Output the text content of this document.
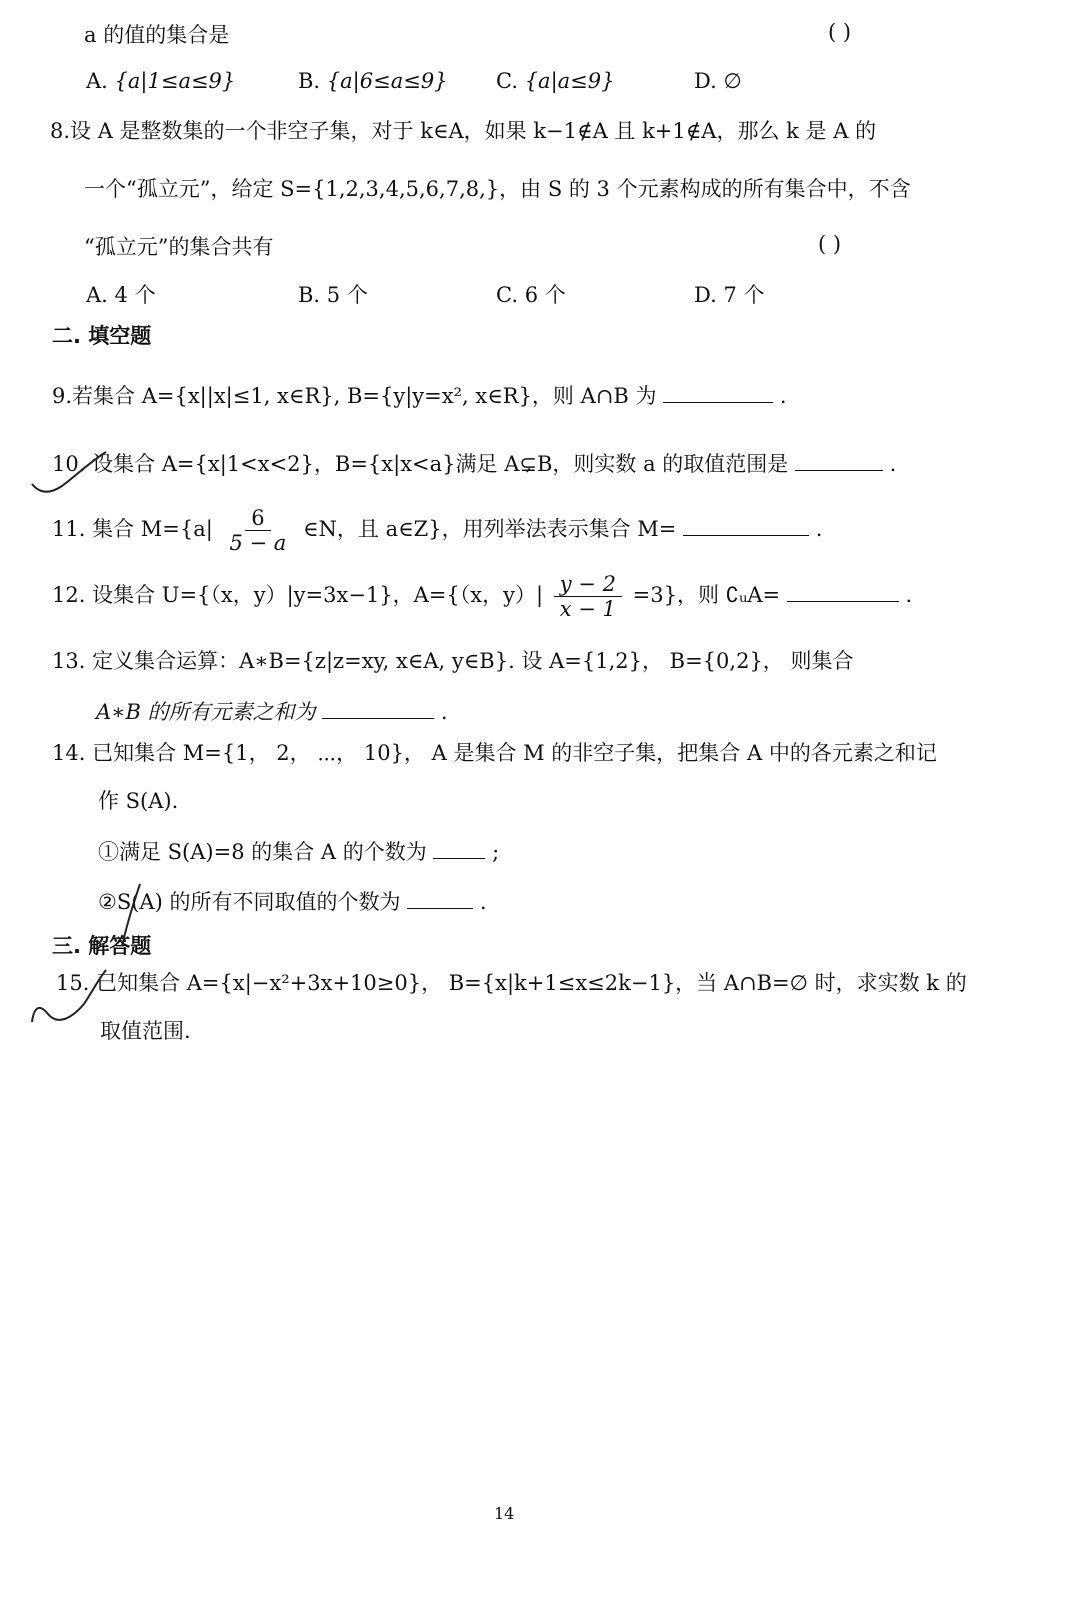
a 的值的集合是	( )
A. {a|1≤a≤9}	B. {a|6≤a≤9} C. {a|a≤9}	D. ∅
8.设 A 是整数集的一个非空子集，对于 k∈A，如果 k−1∉A 且 k+1∉A，那么 k 是 A 的
一个“孤立元”，给定 S={1,2,3,4,5,6,7,8,}，由 S 的 3 个元素构成的所有集合中，不含
“孤立元”的集合共有	( )
A. 4 个	B. 5 个	C. 6 个	D. 7 个
二. 填空题
9.若集合 A={x||x|≤1, x∈R}, B={y|y=x², x∈R}，则 A∩B 为	.
10. 设集合 A={x|1<x<2}，B={x|x<a}满足 A⊊B，则实数 a 的取值范围是	.
11. 集合 $M=\{a| \frac{6}{5 - a}$ ∈N，且 a∈Z}，用列举法表示集合 M=	.
12. 设集合 U={（x，y）|y=3x−1}，A={（x，$y)| \frac{y - 2}{x - 1} =3$}，则 ∁ᵤA=	.
13. 定义集合运算：A∗B={z|z=xy, x∈A, y∈B}. 设 A={1,2}， B={0,2}， 则集合
A∗B 的所有元素之和为	.
14. 已知集合 M={1， 2， ⋯， 10}， A 是集合 M 的非空子集，把集合 A 中的各元素之和记
作 S(A).
①满足 S(A)=8 的集合 A 的个数为	;
②S(A) 的所有不同取值的个数为	.
三. 解答题
15. 已知集合 A={x|−x²+3x+10≥0}， B={x|k+1≤x≤2k−1}，当 A∩B=∅ 时，求实数 k 的
取值范围.
14
